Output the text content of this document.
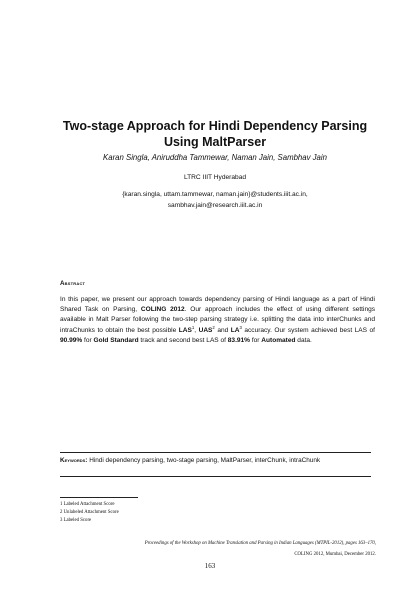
Two-stage Approach for Hindi Dependency Parsing Using MaltParser
Karan Singla, Aniruddha Tammewar, Naman Jain, Sambhav Jain
LTRC IIIT Hyderabad
{karan.singla, uttam.tammewar, naman.jain}@students.iiit.ac.in,
sambhav.jain@research.iiit.ac.in
Abstract
In this paper, we present our approach towards dependency parsing of Hindi language as a part of Hindi Shared Task on Parsing, COLING 2012. Our approach includes the effect of using different settings available in Malt Parser following the two-step parsing strategy i.e. splitting the data into interChunks and intraChunks to obtain the best possible LAS$^1$, UAS$^2$ and $LA^3$ accuracy. Our system achieved best LAS of 90.99% for Gold Standard track and second best LAS of 83.91% for Automated data.
Keywords: Hindi dependency parsing, two-stage parsing, MaltParser, interChunk, intraChunk
1 Labeled Attachment Score
2 Unlabeled Attachment Score
3 Labeled Score
Proceedings of the Workshop on Machine Translation and Parsing in Indian Languages (MTPIL-2012), pages 163–170,
COLING 2012, Mumbai, December 2012.
163
